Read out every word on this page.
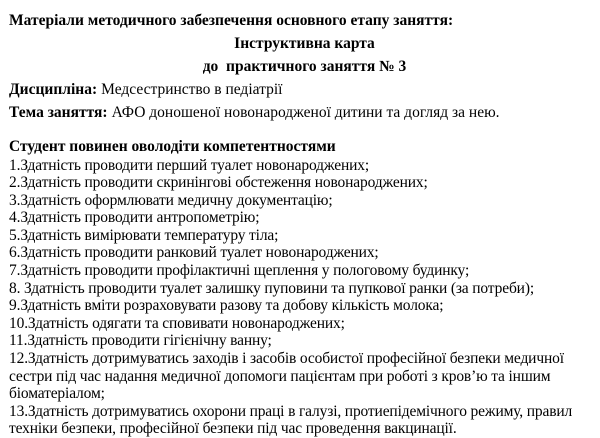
Матеріали методичного забезпечення основного етапу заняття:
Інструктивна карта
до  практичного заняття № 3
Дисципліна: Медсестринство в педіатрії
Тема заняття: АФО доношеної новонародженої дитини та догляд за нею.
Студент повинен оволодіти компетентностями
1.Здатність проводити перший туалет новонароджених;
2.Здатність проводити скринінгові обстеження новонароджених;
3.Здатність оформлювати медичну документацію;
4.Здатність проводити антропометрію;
5.Здатність вимірювати температуру тіла;
6.Здатність проводити ранковий туалет новонароджених;
7.Здатність проводити профілактичні щеплення у пологовому будинку;
8. Здатність проводити туалет залишку пуповини та пупкової ранки (за потреби);
9.Здатність вміти розраховувати разову та добову кількість молока;
10.Здатність одягати та сповивати новонароджених;
11.Здатність проводити гігієнічну ванну;
12.Здатність дотримуватись заходів і засобів особистої професійної безпеки медичної сестри під час надання медичної допомоги пацієнтам при роботі з кров’ю та іншим біоматеріалом;
13.Здатність дотримуватись охорони праці в галузі, протиепідемічного режиму, правил техніки безпеки, професійної безпеки під час проведення вакцинації.
